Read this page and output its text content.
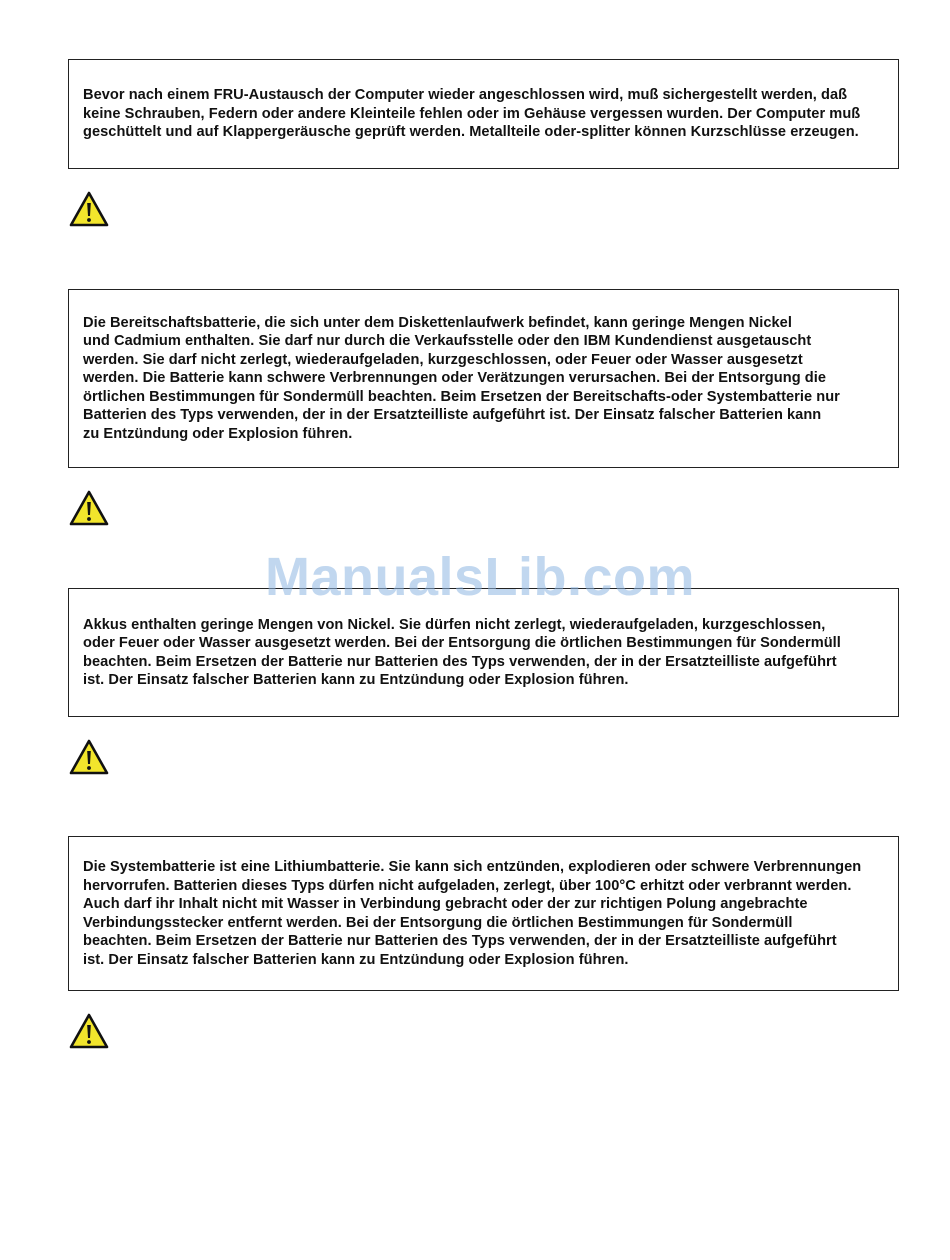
Bevor nach einem FRU-Austausch der Computer wieder angeschlossen wird, muß sichergestellt werden, daß
keine Schrauben, Federn oder andere Kleinteile fehlen oder im Gehäuse vergessen wurden. Der Computer muß
geschüttelt und auf Klappergeräusche geprüft werden. Metallteile oder-splitter können Kurzschlüsse erzeugen.

Die Bereitschaftsbatterie, die sich unter dem Diskettenlaufwerk befindet, kann geringe Mengen Nickel
und Cadmium enthalten. Sie darf nur durch die Verkaufsstelle oder den IBM Kundendienst ausgetauscht
werden. Sie darf nicht zerlegt, wiederaufgeladen, kurzgeschlossen, oder Feuer oder Wasser ausgesetzt
werden. Die Batterie kann schwere Verbrennungen oder Verätzungen verursachen. Bei der Entsorgung die
örtlichen Bestimmungen für Sondermüll beachten. Beim Ersetzen der Bereitschafts-oder Systembatterie nur
Batterien des Typs verwenden, der in der Ersatzteilliste aufgeführt ist. Der Einsatz falscher Batterien kann
zu Entzündung oder Explosion führen.

ManualsLib.com

Akkus enthalten geringe Mengen von Nickel. Sie dürfen nicht zerlegt, wiederaufgeladen, kurzgeschlossen,
oder Feuer oder Wasser ausgesetzt werden. Bei der Entsorgung die örtlichen Bestimmungen für Sondermüll
beachten. Beim Ersetzen der Batterie nur Batterien des Typs verwenden, der in der Ersatzteilliste aufgeführt
ist. Der Einsatz falscher Batterien kann zu Entzündung oder Explosion führen.

Die Systembatterie ist eine Lithiumbatterie. Sie kann sich entzünden, explodieren oder schwere Verbrennungen
hervorrufen. Batterien dieses Typs dürfen nicht aufgeladen, zerlegt, über 100°C erhitzt oder verbrannt werden.
Auch darf ihr Inhalt nicht mit Wasser in Verbindung gebracht oder der zur richtigen Polung angebrachte
Verbindungsstecker entfernt werden. Bei der Entsorgung die örtlichen Bestimmungen für Sondermüll
beachten. Beim Ersetzen der Batterie nur Batterien des Typs verwenden, der in der Ersatzteilliste aufgeführt
ist. Der Einsatz falscher Batterien kann zu Entzündung oder Explosion führen.
